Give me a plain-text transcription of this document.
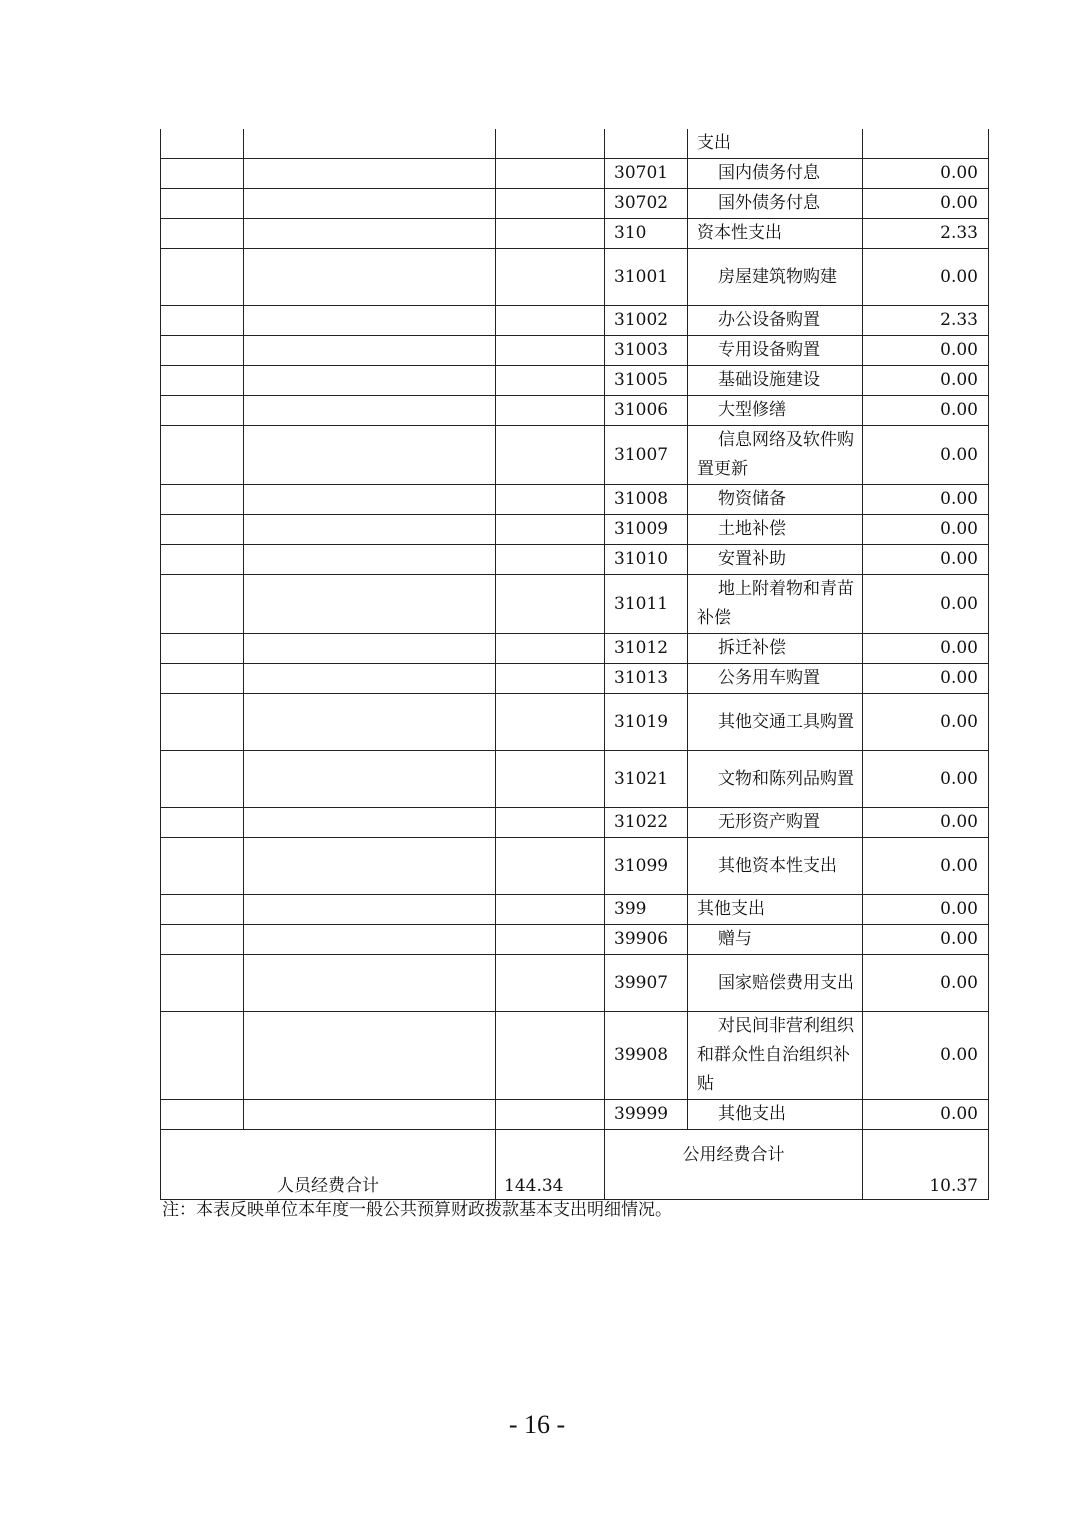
				支出	
			30701	国内债务付息	0.00
			30702	国外债务付息	0.00
			310	资本性支出	2.33
			31001	房屋建筑物购建	0.00
			31002	办公设备购置	2.33
			31003	专用设备购置	0.00
			31005	基础设施建设	0.00
			31006	大型修缮	0.00
			31007	信息网络及软件购置更新	0.00
			31008	物资储备	0.00
			31009	土地补偿	0.00
			31010	安置补助	0.00
			31011	地上附着物和青苗补偿	0.00
			31012	拆迁补偿	0.00
			31013	公务用车购置	0.00
			31019	其他交通工具购置	0.00
			31021	文物和陈列品购置	0.00
			31022	无形资产购置	0.00
			31099	其他资本性支出	0.00
			399	其他支出	0.00
			39906	赠与	0.00
			39907	国家赔偿费用支出	0.00
			39908	对民间非营利组织和群众性自治组织补贴	0.00
			39999	其他支出	0.00
人员经费合计		144.34	公用经费合计		10.37
注：本表反映单位本年度一般公共预算财政拨款基本支出明细情况。
- 16 -
